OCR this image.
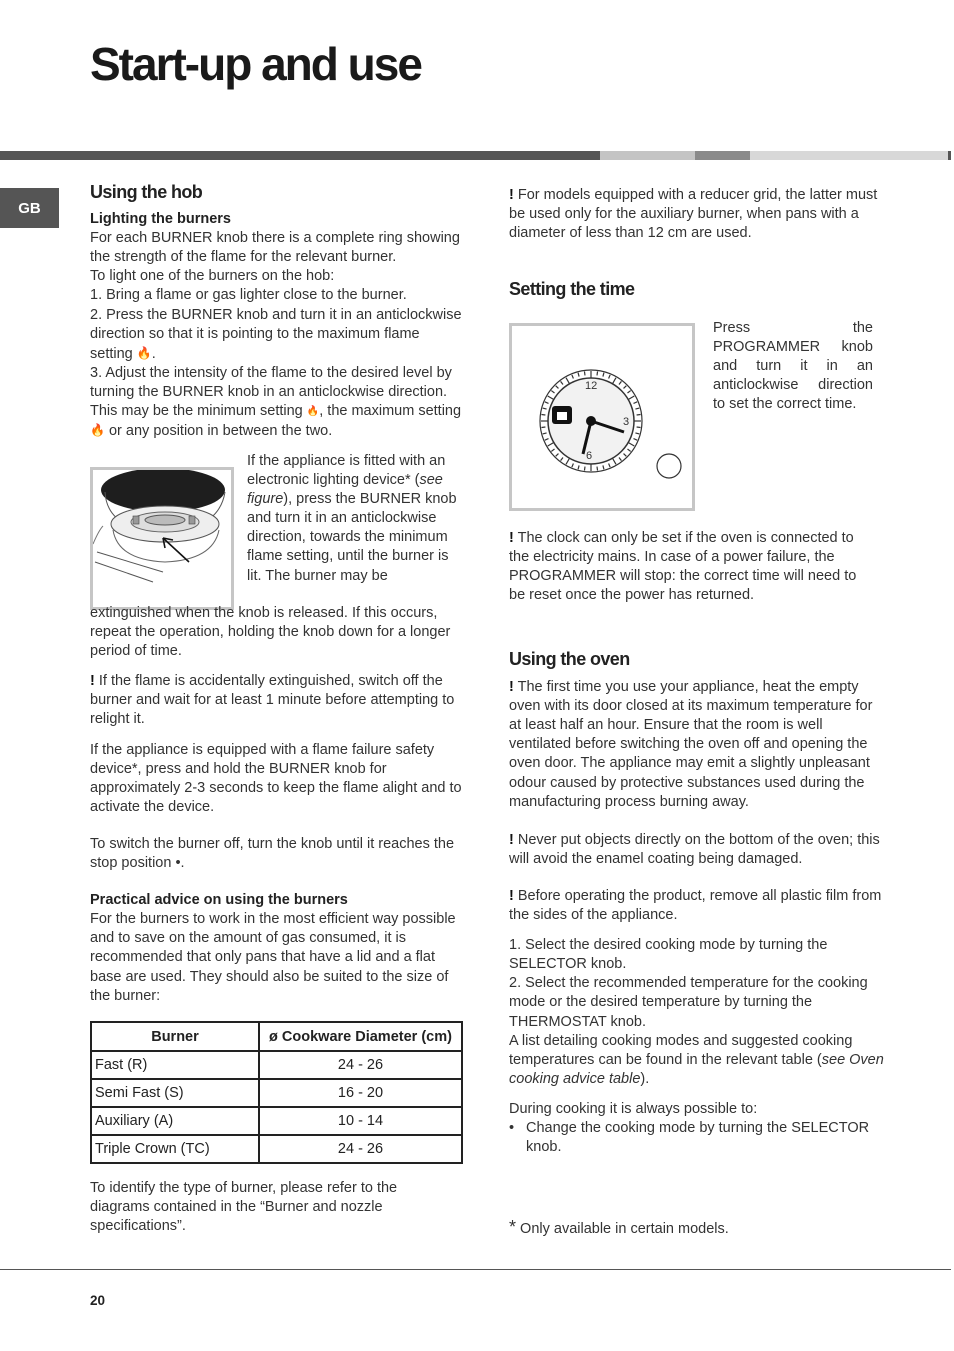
Start-up and use
GB
Using the hob
Lighting the burners

For each BURNER knob there is a complete ring showing the strength of the flame for the relevant burner.

To light one of the burners on the hob:

1. Bring a flame or gas lighter close to the burner.

2. Press the BURNER knob and turn it in an anticlockwise direction so that it is pointing to the maximum flame setting 🔥.

3. Adjust the intensity of the flame to the desired level by turning the BURNER knob in an anticlockwise direction. This may be the minimum setting 🔥, the maximum setting 🔥 or any position in between the two.

If the appliance is fitted with an electronic lighting device* (see figure), press the BURNER knob and turn it in an anticlockwise direction, towards the minimum flame setting, until the burner is lit. The burner may be

extinguished when the knob is released. If this occurs, repeat the operation, holding the knob down for a longer period of time.

! If the flame is accidentally extinguished, switch off the burner and wait for at least 1 minute before attempting to relight it.

If the appliance is equipped with a flame failure safety device*, press and hold the BURNER knob for approximately 2-3 seconds to keep the flame alight and to activate the device.

To switch the burner off, turn the knob until it reaches the stop position •.

Practical advice on using the burners

For the burners to work in the most efficient way possible and to save on the amount of gas consumed, it is recommended that only pans that have a lid and a flat base are used. They should also be suited to the size of the burner:

Burner	ø Cookware Diameter (cm)
Fast (R)	24 - 26
Semi Fast (S)	16 - 20
Auxiliary (A)	10 - 14
Triple Crown (TC)	24 - 26

To identify the type of burner, please refer to the diagrams contained in the “Burner and nozzle specifications”.

! For models equipped with a reducer grid, the latter must be used only for the auxiliary burner, when pans with a diameter of less than 12 cm are used.

Setting the time
12
3
6

Press the PROGRAMMER knob and turn it in an anticlockwise direction to set the correct time.

! The clock can only be set if the oven is connected to the electricity mains. In case of a power failure, the PROGRAMMER will stop: the correct time will need to be reset once the power has returned.

Using the oven

! The first time you use your appliance, heat the empty oven with its door closed at its maximum temperature for at least half an hour. Ensure that the room is well ventilated before switching the oven off and opening the oven door. The appliance may emit a slightly unpleasant odour caused by protective substances used during the manufacturing process burning away.

! Never put objects directly on the bottom of the oven; this will avoid the enamel coating being damaged.

! Before operating the product, remove all plastic film from the sides of the appliance.

1. Select the desired cooking mode by turning the SELECTOR knob.

2. Select the recommended temperature for the cooking mode or the desired temperature by turning the THERMOSTAT knob.

A list detailing cooking modes and suggested cooking temperatures can be found in the relevant table (see Oven cooking advice table).

During cooking it is always possible to:

• Change the cooking mode by turning the SELECTOR knob.

* Only available in certain models.

20
